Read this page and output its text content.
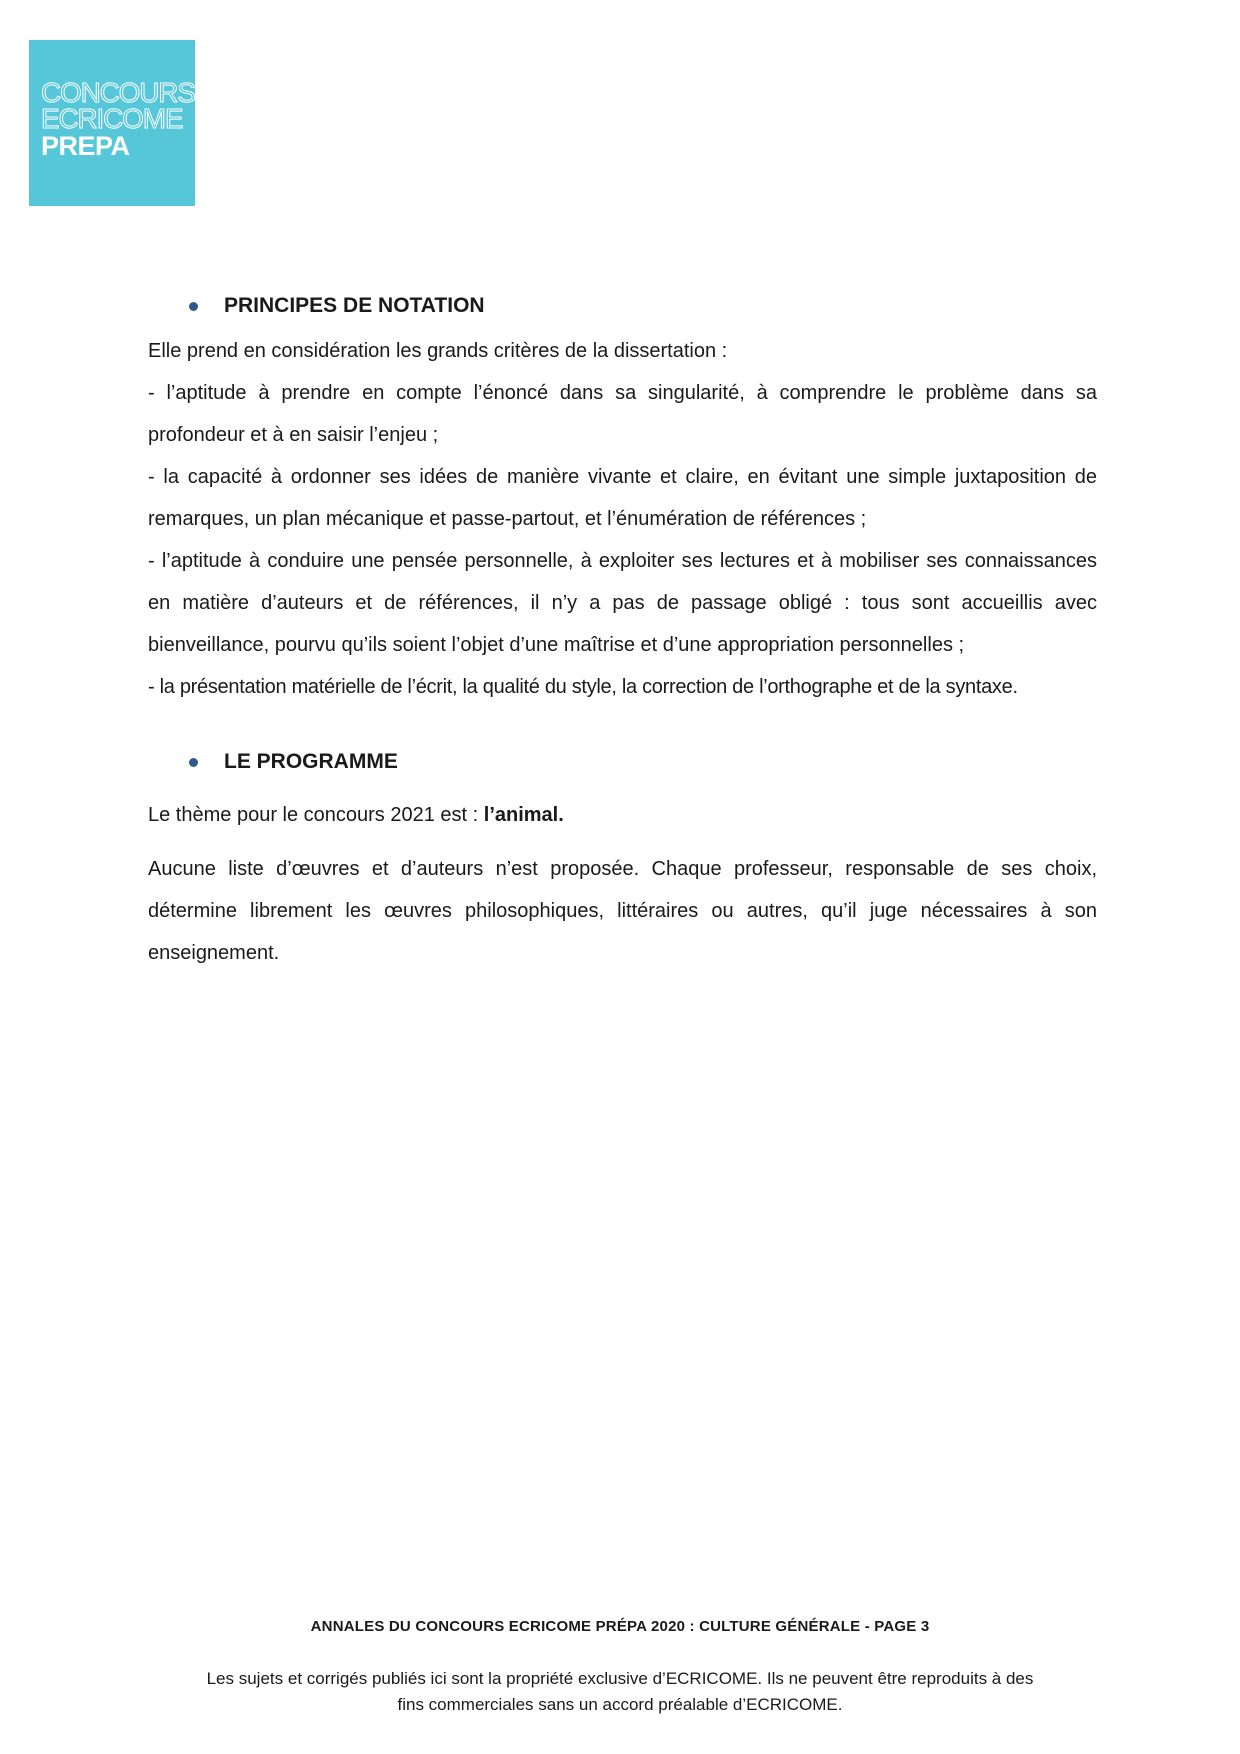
CONCOURS
ECRICOME
PREPA
PRINCIPES DE NOTATION

Elle prend en considération les grands critères de la dissertation :

- l’aptitude à prendre en compte l’énoncé dans sa singularité, à comprendre le problème dans sa profondeur et à en saisir l’enjeu ;

- la capacité à ordonner ses idées de manière vivante et claire, en évitant une simple juxtaposition de remarques, un plan mécanique et passe-partout, et l’énumération de références ;

- l’aptitude à conduire une pensée personnelle, à exploiter ses lectures et à mobiliser ses connaissances en matière d’auteurs et de références, il n’y a pas de passage obligé : tous sont accueillis avec bienveillance, pourvu qu’ils soient l’objet d’une maîtrise et d’une appropriation personnelles ;

- la présentation matérielle de l’écrit, la qualité du style, la correction de l’orthographe et de la syntaxe.

LE PROGRAMME

Le thème pour le concours 2021 est : l’animal.

Aucune liste d’œuvres et d’auteurs n’est proposée. Chaque professeur, responsable de ses choix, détermine librement les œuvres philosophiques, littéraires ou autres, qu’il juge nécessaires à son enseignement.

ANNALES DU CONCOURS ECRICOME PRÉPA 2020 : CULTURE GÉNÉRALE - PAGE 3
Les sujets et corrigés publiés ici sont la propriété exclusive d’ECRICOME. Ils ne peuvent être reproduits à des
fins commerciales sans un accord préalable d’ECRICOME.
